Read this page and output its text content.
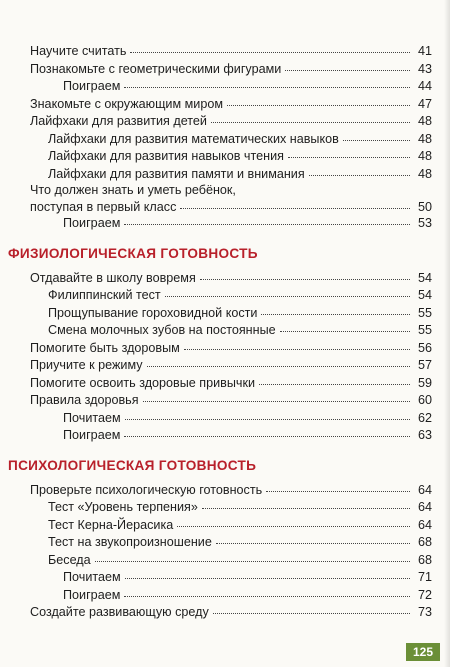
Научите считать	41
Познакомьте с геометрическими фигурами	43
Поиграем	44
Знакомьте с окружающим миром	47
Лайфхаки для развития детей	48
Лайфхаки для развития математических навыков	48
Лайфхаки для развития навыков чтения	48
Лайфхаки для развития памяти и внимания	48
Что должен знать и уметь ребёнок,
поступая в первый класс	50
Поиграем	53
ФИЗИОЛОГИЧЕСКАЯ ГОТОВНОСТЬ
Отдавайте в школу вовремя	54
Филиппинский тест	54
Прощупывание гороховидной кости	55
Смена молочных зубов на постоянные	55
Помогите быть здоровым	56
Приучите к режиму	57
Помогите освоить здоровые привычки	59
Правила здоровья	60
Почитаем	62
Поиграем	63
ПСИХОЛОГИЧЕСКАЯ ГОТОВНОСТЬ
Проверьте психологическую готовность	64
Тест «Уровень терпения»	64
Тест Керна-Йерасика	64
Тест на звукопроизношение	68
Беседа	68
Почитаем	71
Поиграем	72
Создайте развивающую среду	73
125
